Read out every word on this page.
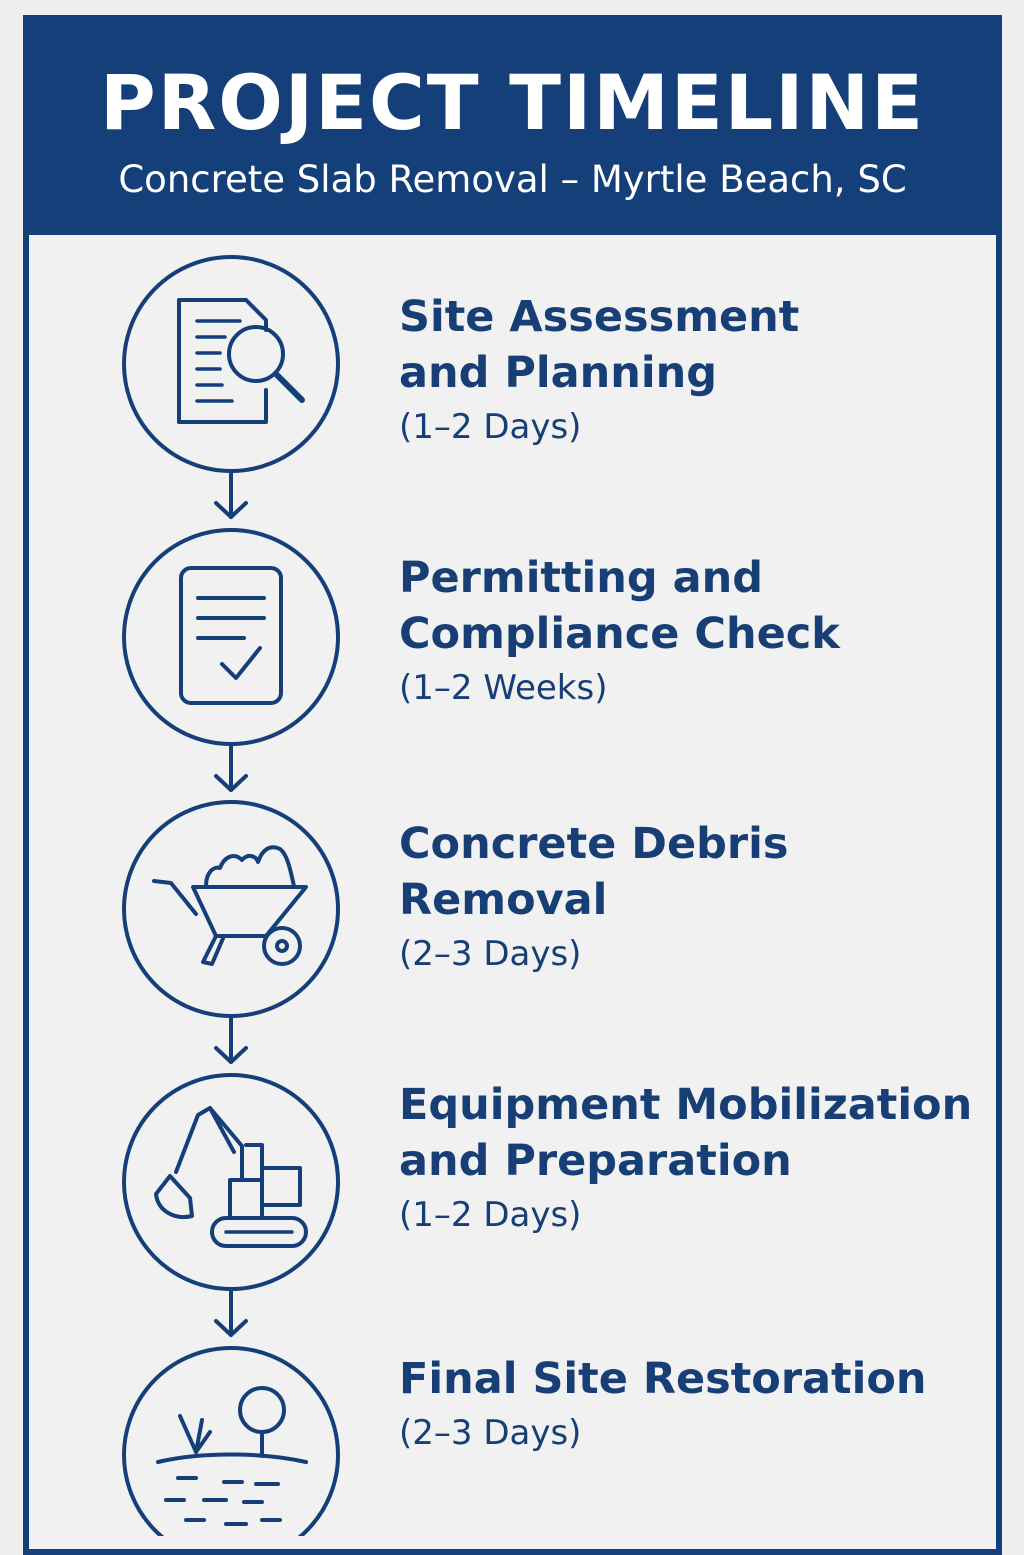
PROJECT TIMELINE
Concrete Slab Removal – Myrtle Beach, SC
Site Assessment
and Planning
(1–2 Days)
Permitting and
Compliance Check
(1–2 Weeks)
Concrete Debris
Removal
(2–3 Days)
Equipment Mobilization
and Preparation
(1–2 Days)
Final Site Restoration
(2–3 Days)
